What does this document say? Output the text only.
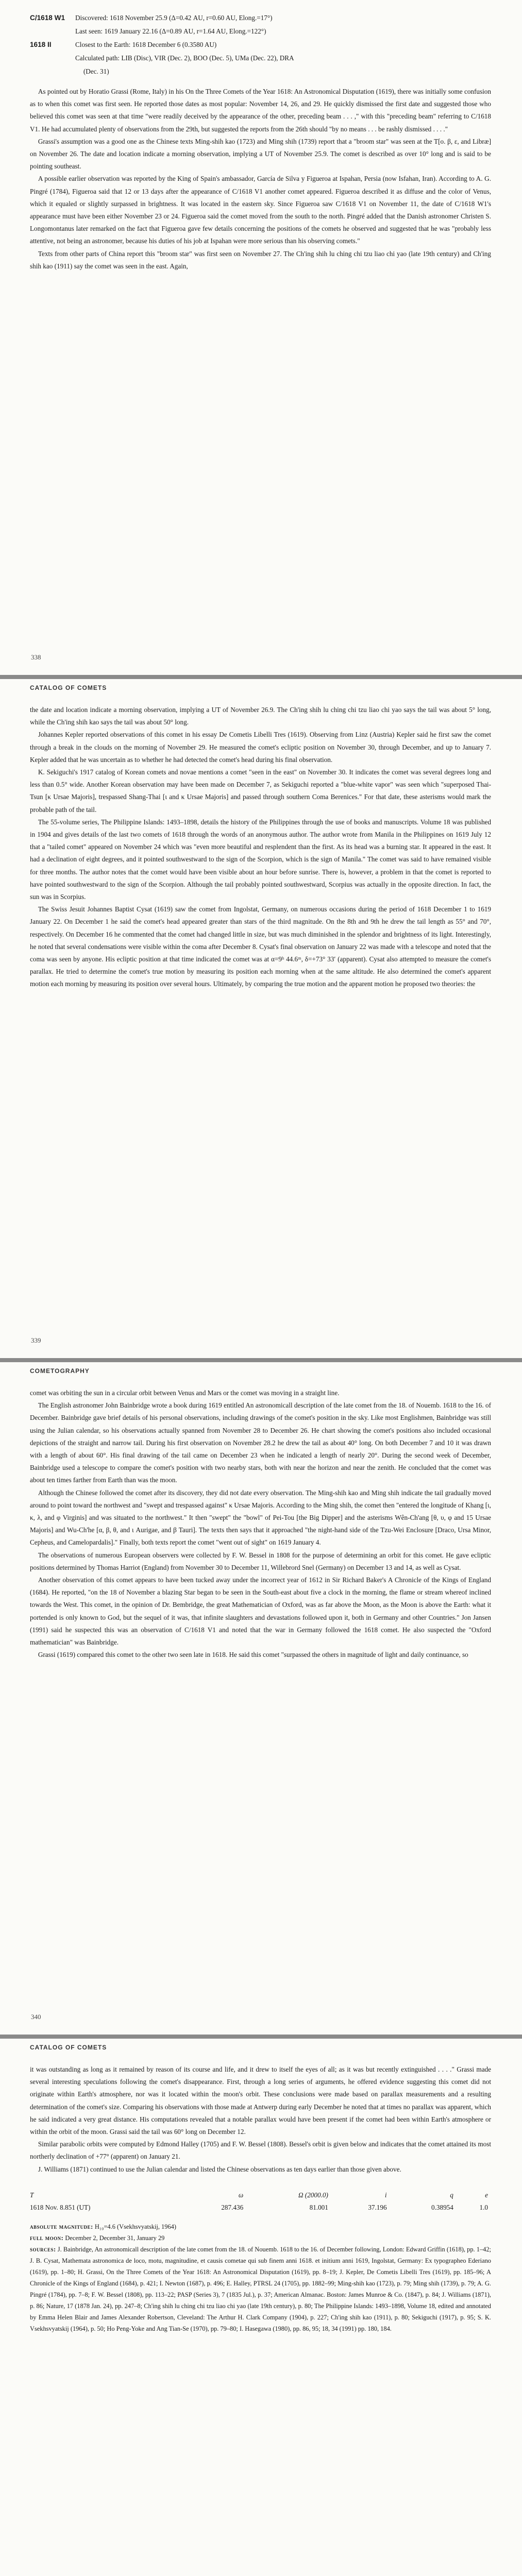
C/1618 W1
1618 II
Discovered: 1618 November 25.9 (Δ=0.42 AU, r=0.60 AU, Elong.=17°)
Last seen: 1619 January 22.16 (Δ=0.89 AU, r=1.64 AU, Elong.=122°)
Closest to the Earth: 1618 December 6 (0.3580 AU)
Calculated path: LIB (Disc), VIR (Dec. 2), BOO (Dec. 5), UMa (Dec. 22), DRA
(Dec. 31)

As pointed out by Horatio Grassi (Rome, Italy) in his On the Three Comets of the Year 1618: An Astronomical Disputation (1619), there was initially some confusion as to when this comet was first seen. He reported those dates as most popular: November 14, 26, and 29. He quickly dismissed the first date and suggested those who believed this comet was seen at that time "were readily deceived by the appearance of the other, preceding beam . . . ," with this "preceding beam" referring to C/1618 V1. He had accumulated plenty of observations from the 29th, but suggested the reports from the 26th should "by no means . . . be rashly dismissed . . . ."

Grassi's assumption was a good one as the Chinese texts Ming-shih kao (1723) and Ming shih (1739) report that a "broom star" was seen at the T[o. β, ε, and Libræ] on November 26. The date and location indicate a morning observation, implying a UT of November 25.9. The comet is described as over 10° long and is said to be pointing southeast.

A possible earlier observation was reported by the King of Spain's ambassador, García de Silva y Figueroa at Ispahan, Persia (now Isfahan, Iran). According to A. G. Pingré (1784), Figueroa said that 12 or 13 days after the appearance of C/1618 V1 another comet appeared. Figueroa described it as diffuse and the color of Venus, which it equaled or slightly surpassed in brightness. It was located in the eastern sky. Since Figueroa saw C/1618 V1 on November 11, the date of C/1618 W1's appearance must have been either November 23 or 24. Figueroa said the comet moved from the south to the north. Pingré added that the Danish astronomer Christen S. Longomontanus later remarked on the fact that Figueroa gave few details concerning the positions of the comets he observed and suggested that he was "probably less attentive, not being an astronomer, because his duties of his job at Ispahan were more serious than his observing comets."

Texts from other parts of China report this "broom star" was first seen on November 27. The Ch'ing shih lu ching chi tzu liao chi yao (late 19th century) and Ch'ing shih kao (1911) say the comet was seen in the east. Again,

338
CATALOG OF COMETS

the date and location indicate a morning observation, implying a UT of November 26.9. The Ch'ing shih lu ching chi tzu liao chi yao says the tail was about 5° long, while the Ch'ing shih kao says the tail was about 50° long.

Johannes Kepler reported observations of this comet in his essay De Cometis Libelli Tres (1619). Observing from Linz (Austria) Kepler said he first saw the comet through a break in the clouds on the morning of November 29. He measured the comet's ecliptic position on November 30, through December, and up to January 7. Kepler added that he was uncertain as to whether he had detected the comet's head during his final observation.

K. Sekiguchi's 1917 catalog of Korean comets and novae mentions a comet "seen in the east" on November 30. It indicates the comet was several degrees long and less than 0.5° wide. Another Korean observation may have been made on December 7, as Sekiguchi reported a "blue-white vapor" was seen which "superposed Thai-Tsun [κ Ursae Majoris], trespassed Shang-Thai [ι and κ Ursae Majoris] and passed through southern Coma Berenices." For that date, these asterisms would mark the probable path of the tail.

The 55-volume series, The Philippine Islands: 1493–1898, details the history of the Philippines through the use of books and manuscripts. Volume 18 was published in 1904 and gives details of the last two comets of 1618 through the words of an anonymous author. The author wrote from Manila in the Philippines on 1619 July 12 that a "tailed comet" appeared on November 24 which was "even more beautiful and resplendent than the first. As its head was a burning star. It appeared in the east. It had a declination of eight degrees, and it pointed southwestward to the sign of the Scorpion, which is the sign of Manila." The comet was said to have remained visible for three months. The author notes that the comet would have been visible about an hour before sunrise. There is, however, a problem in that the comet is reported to have pointed southwestward to the sign of the Scorpion. Although the tail probably pointed southwestward, Scorpius was actually in the opposite direction. In fact, the sun was in Scorpius.

The Swiss Jesuit Johannes Baptist Cysat (1619) saw the comet from Ingolstat, Germany, on numerous occasions during the period of 1618 December 1 to 1619 January 22. On December 1 he said the comet's head appeared greater than stars of the third magnitude. On the 8th and 9th he drew the tail length as 55° and 70°, respectively. On December 16 he commented that the comet had changed little in size, but was much diminished in the splendor and brightness of its light. Interestingly, he noted that several condensations were visible within the coma after December 8. Cysat's final observation on January 22 was made with a telescope and noted that the coma was seen by anyone. His ecliptic position at that time indicated the comet was at α=9ʰ 44.6ᵐ, δ=+73° 33′ (apparent). Cysat also attempted to measure the comet's parallax. He tried to determine the comet's true motion by measuring its position each morning when at the same altitude. He also determined the comet's apparent motion each morning by measuring its position over several hours. Ultimately, by comparing the true motion and the apparent motion he proposed two theories: the

339
COMETOGRAPHY

comet was orbiting the sun in a circular orbit between Venus and Mars or the comet was moving in a straight line.

The English astronomer John Bainbridge wrote a book during 1619 entitled An astronomicall description of the late comet from the 18. of Nouemb. 1618 to the 16. of December. Bainbridge gave brief details of his personal observations, including drawings of the comet's position in the sky. Like most Englishmen, Bainbridge was still using the Julian calendar, so his observations actually spanned from November 28 to December 26. He chart showing the comet's positions also included occasional depictions of the straight and narrow tail. During his first observation on November 28.2 he drew the tail as about 40° long. On both December 7 and 10 it was drawn with a length of about 60°. His final drawing of the tail came on December 23 when he indicated a length of nearly 20°. During the second week of December, Bainbridge used a telescope to compare the comet's position with two nearby stars, both with near the horizon and near the zenith. He concluded that the comet was about ten times farther from Earth than was the moon.

Although the Chinese followed the comet after its discovery, they did not date every observation. The Ming-shih kao and Ming shih indicate the tail gradually moved around to point toward the northwest and "swept and trespassed against" κ Ursae Majoris. According to the Ming shih, the comet then "entered the longitude of Khang [ι, κ, λ, and φ Virginis] and was situated to the northwest." It then "swept" the "bowl" of Pei-Tou [the Big Dipper] and the asterisms Wên-Ch'ang [θ, υ, φ and 15 Ursae Majoris] and Wu-Ch'he [α, β, θ, and ι Aurigae, and β Tauri]. The texts then says that it approached "the night-hand side of the Tzu-Wei Enclosure [Draco, Ursa Minor, Cepheus, and Camelopardalis]." Finally, both texts report the comet "went out of sight" on 1619 January 4.

The observations of numerous European observers were collected by F. W. Bessel in 1808 for the purpose of determining an orbit for this comet. He gave ecliptic positions determined by Thomas Harriot (England) from November 30 to December 11, Willebrord Snel (Germany) on December 13 and 14, as well as Cysat.

Another observation of this comet appears to have been tucked away under the incorrect year of 1612 in Sir Richard Baker's A Chronicle of the Kings of England (1684). He reported, "on the 18 of November a blazing Star began to be seen in the South-east about five a clock in the morning, the flame or stream whereof inclined towards the West. This comet, in the opinion of Dr. Bembridge, the great Mathematician of Oxford, was as far above the Moon, as the Moon is above the Earth: what it portended is only known to God, but the sequel of it was, that infinite slaughters and devastations followed upon it, both in Germany and other Countries." Jon Jansen (1991) said he suspected this was an observation of C/1618 V1 and noted that the war in Germany followed the 1618 comet. He also suspected the "Oxford mathematician" was Bainbridge.

Grassi (1619) compared this comet to the other two seen late in 1618. He said this comet "surpassed the others in magnitude of light and daily continuance, so

340
CATALOG OF COMETS

it was outstanding as long as it remained by reason of its course and life, and it drew to itself the eyes of all; as it was but recently extinguished . . . ." Grassi made several interesting speculations following the comet's disappearance. First, through a long series of arguments, he offered evidence suggesting this comet did not originate within Earth's atmosphere, nor was it located within the moon's orbit. These conclusions were made based on parallax measurements and a resulting determination of the comet's size. Comparing his observations with those made at Antwerp during early December he noted that at times no parallax was apparent, which he said indicated a very great distance. His computations revealed that a notable parallax would have been present if the comet had been within Earth's atmosphere or within the orbit of the moon. Grassi said the tail was 60° long on December 12.

Similar parabolic orbits were computed by Edmond Halley (1705) and F. W. Bessel (1808). Bessel's orbit is given below and indicates that the comet attained its most northerly declination of +77° (apparent) on January 21.

J. Williams (1871) continued to use the Julian calendar and listed the Chinese observations as ten days earlier than those given above.

T	ω	Ω (2000.0)	i	q	e
1618 Nov. 8.851 (UT)	287.436	81.001	37.196	0.38954	1.0

absolute magnitude: H₁₀=4.6 (Vsekhsvyatskij, 1964)

full moon: December 2, December 31, January 29

sources: J. Bainbridge, An astronomicall description of the late comet from the 18. of Nouemb. 1618 to the 16. of December following, London: Edward Griffin (1618), pp. 1–42; J. B. Cysat, Mathemata astronomica de loco, motu, magnitudine, et causis cometae qui sub finem anni 1618. et initium anni 1619, Ingolstat, Germany: Ex typographeo Ederiano (1619), pp. 1–80; H. Grassi, On the Three Comets of the Year 1618: An Astronomical Disputation (1619), pp. 8–19; J. Kepler, De Cometis Libelli Tres (1619), pp. 185–96; A Chronicle of the Kings of England (1684), p. 421; I. Newton (1687), p. 496; E. Halley, PTRSL 24 (1705), pp. 1882–99; Ming-shih kao (1723), p. 79; Ming shih (1739), p. 79; A. G. Pingré (1784), pp. 7–8; F. W. Bessel (1808), pp. 113–22; PASP (Series 3), 7 (1835 Jul.), p. 37; American Almanac. Boston: James Munroe & Co. (1847), p. 84; J. Williams (1871), p. 86; Nature, 17 (1878 Jan. 24), pp. 247–8; Ch'ing shih lu ching chi tzu liao chi yao (late 19th century), p. 80; The Philippine Islands: 1493–1898, Volume 18, edited and annotated by Emma Helen Blair and James Alexander Robertson, Cleveland: The Arthur H. Clark Company (1904), p. 227; Ch'ing shih kao (1911), p. 80; Sekiguchi (1917), p. 95; S. K. Vsekhsvyatskij (1964), p. 50; Ho Peng-Yoke and Ang Tian-Se (1970), pp. 79–80; I. Hasegawa (1980), pp. 86, 95; 18, 34 (1991) pp. 180, 184.
